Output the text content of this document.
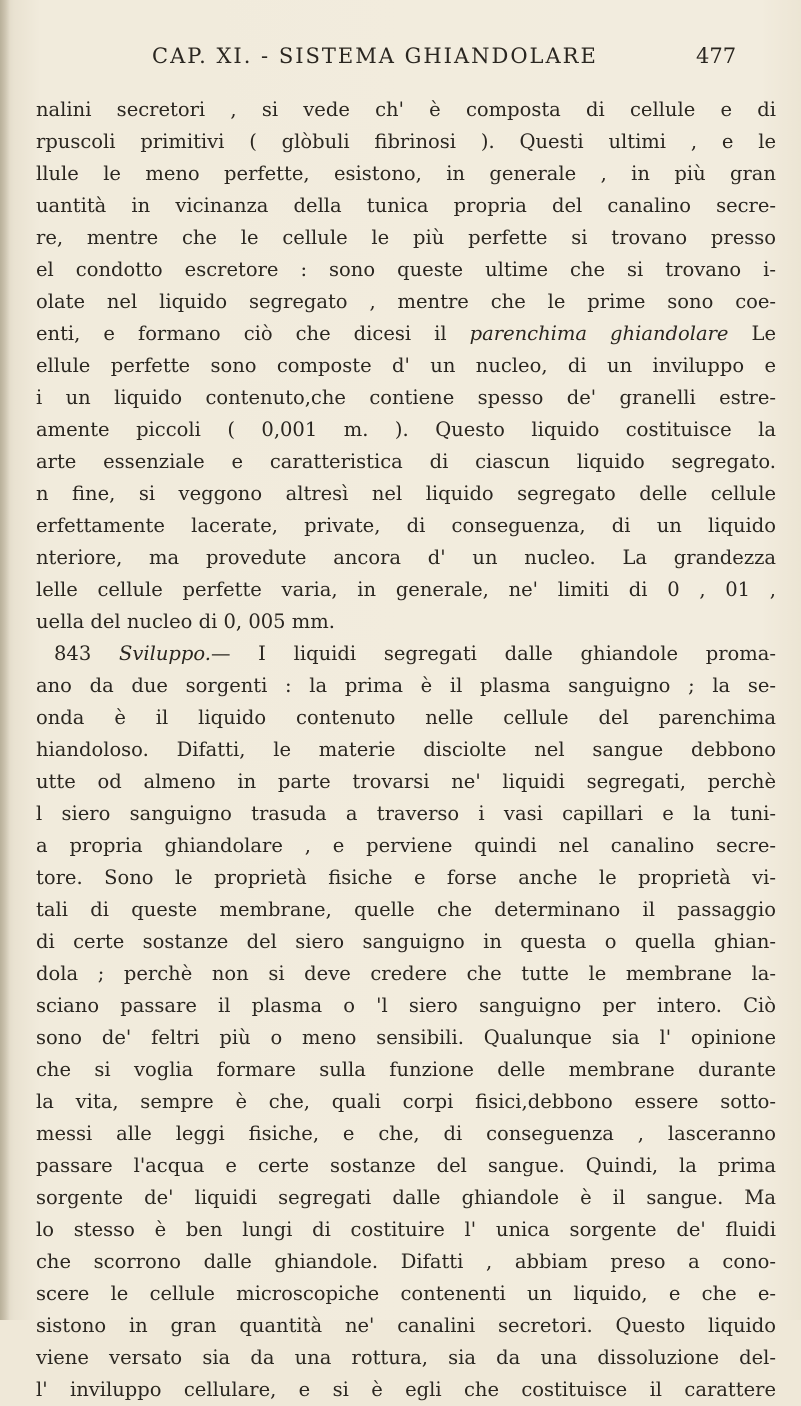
CAP. XI. - SISTEMA GHIANDOLARE	477
nalini secretori , si vede ch' è composta di cellule e di
rpuscoli primitivi ( glòbuli fibrinosi ). Questi ultimi , e le
llule le meno perfette, esistono, in generale , in più gran
uantità in vicinanza della tunica propria del canalino secre-
re, mentre che le cellule le più perfette si trovano presso
el condotto escretore : sono queste ultime che si trovano i-
olate nel liquido segregato , mentre che le prime sono coe-
enti, e formano ciò che dicesi il parenchima ghiandolare Le
ellule perfette sono composte d' un nucleo, di un inviluppo e
i un liquido contenuto,che contiene spesso de' granelli estre-
amente piccoli ( 0,001 m. ). Questo liquido costituisce la
arte essenziale e caratteristica di ciascun liquido segregato.
n fine, si veggono altresì nel liquido segregato delle cellule
erfettamente lacerate, private, di conseguenza, di un liquido
nteriore, ma provedute ancora d' un nucleo. La grandezza
lelle cellule perfette varia, in generale, ne' limiti di 0 , 01 ,
uella del nucleo di 0, 005 mm.
843 Sviluppo.— I liquidi segregati dalle ghiandole proma-
ano da due sorgenti : la prima è il plasma sanguigno ; la se-
onda è il liquido contenuto nelle cellule del parenchima
hiandoloso. Difatti, le materie disciolte nel sangue debbono
utte od almeno in parte trovarsi ne' liquidi segregati, perchè
l siero sanguigno trasuda a traverso i vasi capillari e la tuni-
a propria ghiandolare , e perviene quindi nel canalino secre-
tore. Sono le proprietà fisiche e forse anche le proprietà vi-
tali di queste membrane, quelle che determinano il passaggio
di certe sostanze del siero sanguigno in questa o quella ghian-
dola ; perchè non si deve credere che tutte le membrane la-
sciano passare il plasma o 'l siero sanguigno per intero. Ciò
sono de' feltri più o meno sensibili. Qualunque sia l' opinione
che si voglia formare sulla funzione delle membrane durante
la vita, sempre è che, quali corpi fisici,debbono essere sotto-
messi alle leggi fisiche, e che, di conseguenza , lasceranno
passare l'acqua e certe sostanze del sangue. Quindi, la prima
sorgente de' liquidi segregati dalle ghiandole è il sangue. Ma
lo stesso è ben lungi di costituire l' unica sorgente de' fluidi
che scorrono dalle ghiandole. Difatti , abbiam preso a cono-
scere le cellule microscopiche contenenti un liquido, e che e-
sistono in gran quantità ne' canalini secretori. Questo liquido
viene versato sia da una rottura, sia da una dissoluzione del-
l' inviluppo cellulare, e si è egli che costituisce il carattere
